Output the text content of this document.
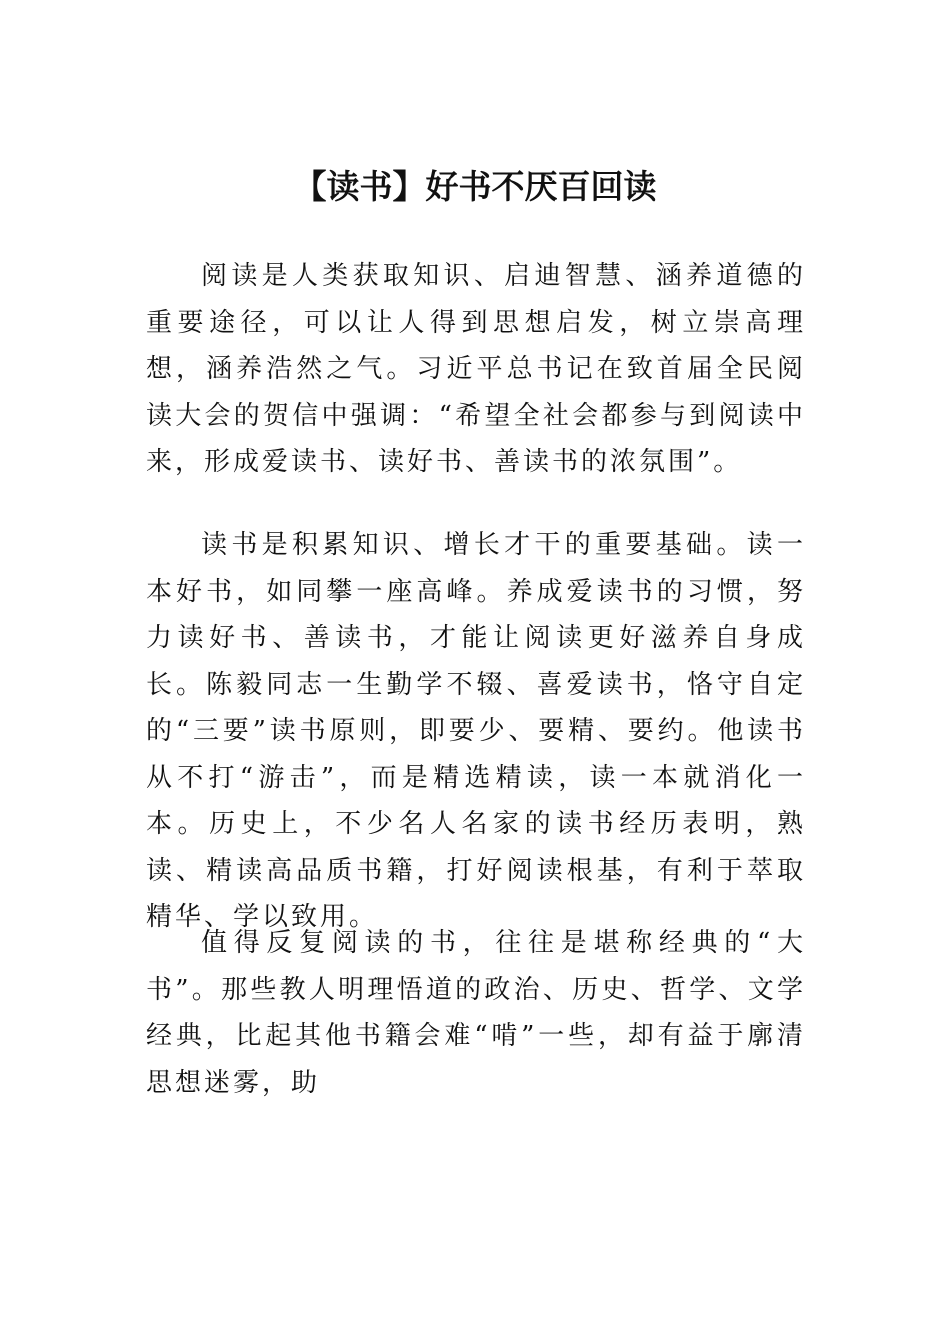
【读书】好书不厌百回读

阅读是人类获取知识、启迪智慧、涵养道德的重要途径，可以让人得到思想启发，树立崇高理想，涵养浩然之气。习近平总书记在致首届全民阅读大会的贺信中强调：“希望全社会都参与到阅读中来，形成爱读书、读好书、善读书的浓氛围”。

读书是积累知识、增长才干的重要基础。读一本好书，如同攀一座高峰。养成爱读书的习惯，努力读好书、善读书，才能让阅读更好滋养自身成长。陈毅同志一生勤学不辍、喜爱读书，恪守自定的“三要”读书原则，即要少、要精、要约。他读书从不打“游击”，而是精选精读，读一本就消化一本。历史上，不少名人名家的读书经历表明，熟读、精读高品质书籍，打好阅读根基，有利于萃取精华、学以致用。

值得反复阅读的书，往往是堪称经典的“大书”。那些教人明理悟道的政治、历史、哲学、文学经典，比起其他书籍会难“啃”一些，却有益于廓清思想迷雾，助
